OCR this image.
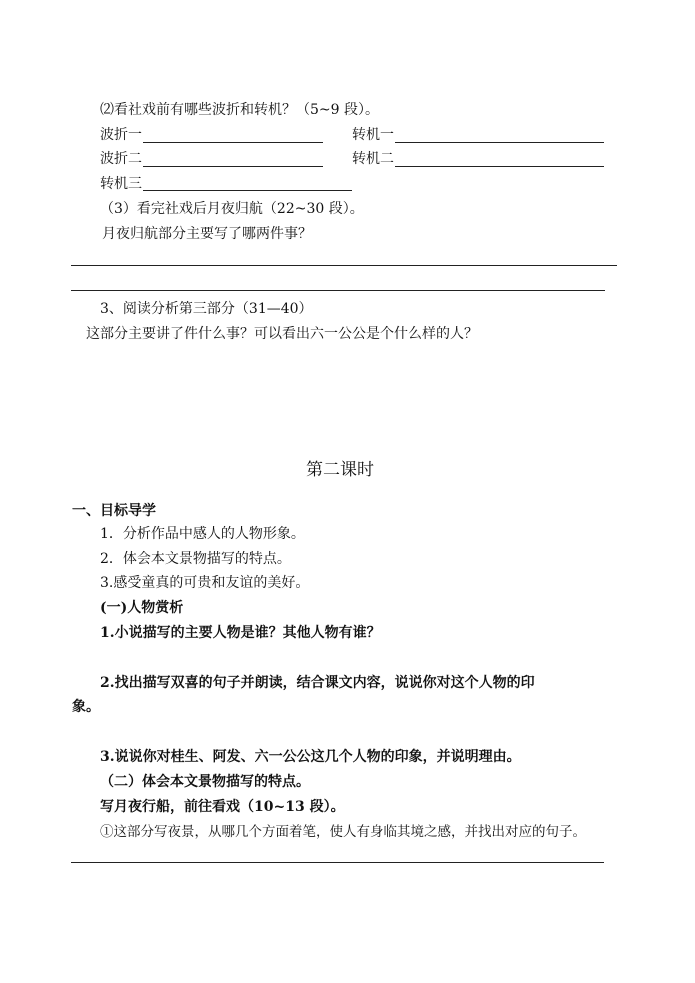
⑵看社戏前有哪些波折和转机？（5~9 段）。
波折一	转机一
波折二	转机二
转机三
（3）看完社戏后月夜归航（22~30 段）。
月夜归航部分主要写了哪两件事？
3、阅读分析第三部分（31—40）
这部分主要讲了件什么事？可以看出六一公公是个什么样的人？
第二课时
一、目标导学
1．分析作品中感人的人物形象。
2．体会本文景物描写的特点。
3.感受童真的可贵和友谊的美好。
(一)人物赏析
1.小说描写的主要人物是谁？其他人物有谁？
2.找出描写双喜的句子并朗读，结合课文内容，说说你对这个人物的印
象。
3.说说你对桂生、阿发、六一公公这几个人物的印象，并说明理由。
（二）体会本文景物描写的特点。
写月夜行船，前往看戏（10~13 段）。
①这部分写夜景，从哪几个方面着笔，使人有身临其境之感，并找出对应的句子。
